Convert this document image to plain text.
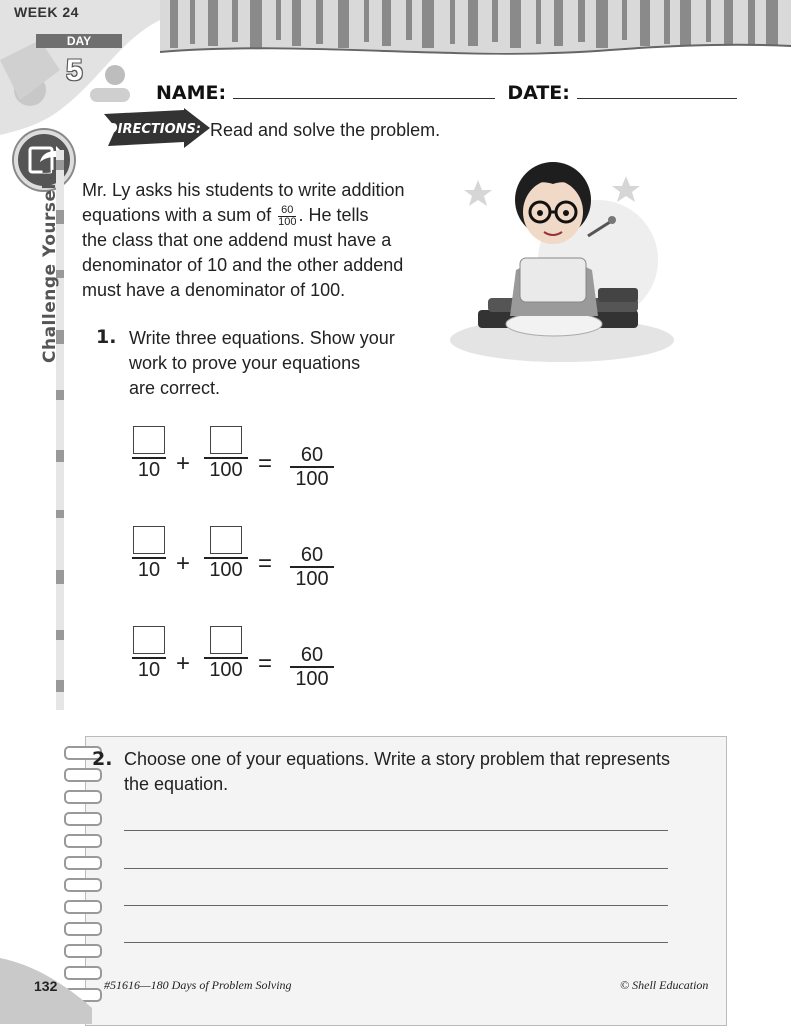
WEEK 24
DAY
5
Challenge Yourself!
NAME:	DATE:
DIRECTIONS: Read and solve the problem.
Mr. Ly asks his students to write addition
equations with a sum of $\frac{60}{100}$ . He tells
the class that one addend must have a
denominator of 10 and the other addend
must have a denominator of 100.
1. Write three equations. Show your
work to prove your equations
are correct.
10 + 100 =	60
100
10 + 100 =	60
100
10 + 100 =	60
100
2. Choose one of your equations. Write a story problem that represents
the equation.
132	#51616—180 Days of Problem Solving	© Shell Education
